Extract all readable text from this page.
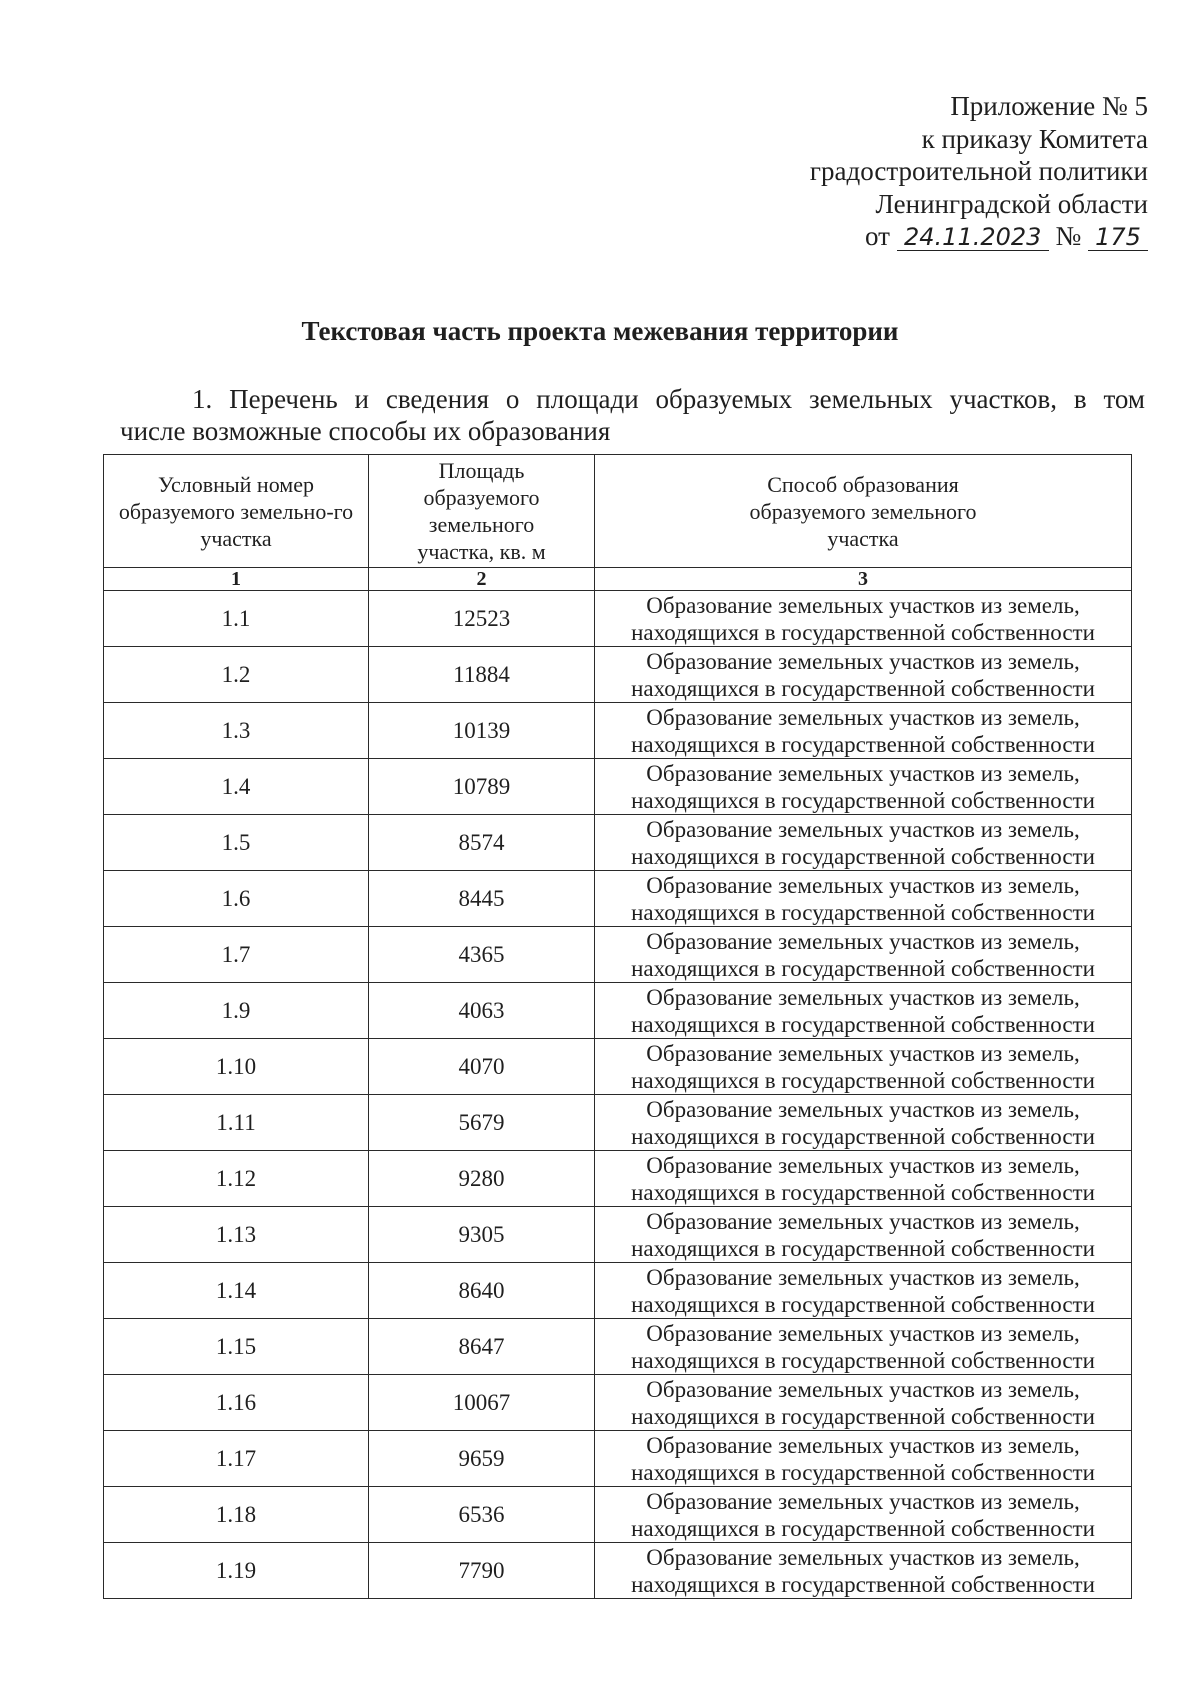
Приложение № 5
к приказу Комитета
градостроительной политики
Ленинградской области
от 24.11.2023 № 175
Текстовая часть проекта межевания территории
1. Перечень и сведения о площади образуемых земельных участков, в том
числе возможные способы их образования
Условный номер образуемого земельно-го участка	Площадь образуемого земельного участка, кв. м	Способ образования образуемого земельного участка

1	2	3
1.1	12523	Образование земельных участков из земель,
находящихся в государственной собственности

1.2	11884	Образование земельных участков из земель,
находящихся в государственной собственности

1.3	10139	Образование земельных участков из земель,
находящихся в государственной собственности

1.4	10789	Образование земельных участков из земель,
находящихся в государственной собственности

1.5	8574	Образование земельных участков из земель,
находящихся в государственной собственности

1.6	8445	Образование земельных участков из земель,
находящихся в государственной собственности

1.7	4365	Образование земельных участков из земель,
находящихся в государственной собственности

1.9	4063	Образование земельных участков из земель,
находящихся в государственной собственности

1.10	4070	Образование земельных участков из земель,
находящихся в государственной собственности

1.11	5679	Образование земельных участков из земель,
находящихся в государственной собственности

1.12	9280	Образование земельных участков из земель,
находящихся в государственной собственности

1.13	9305	Образование земельных участков из земель,
находящихся в государственной собственности

1.14	8640	Образование земельных участков из земель,
находящихся в государственной собственности

1.15	8647	Образование земельных участков из земель,
находящихся в государственной собственности

1.16	10067	Образование земельных участков из земель,
находящихся в государственной собственности

1.17	9659	Образование земельных участков из земель,
находящихся в государственной собственности

1.18	6536	Образование земельных участков из земель,
находящихся в государственной собственности

1.19	7790	Образование земельных участков из земель,
находящихся в государственной собственности
